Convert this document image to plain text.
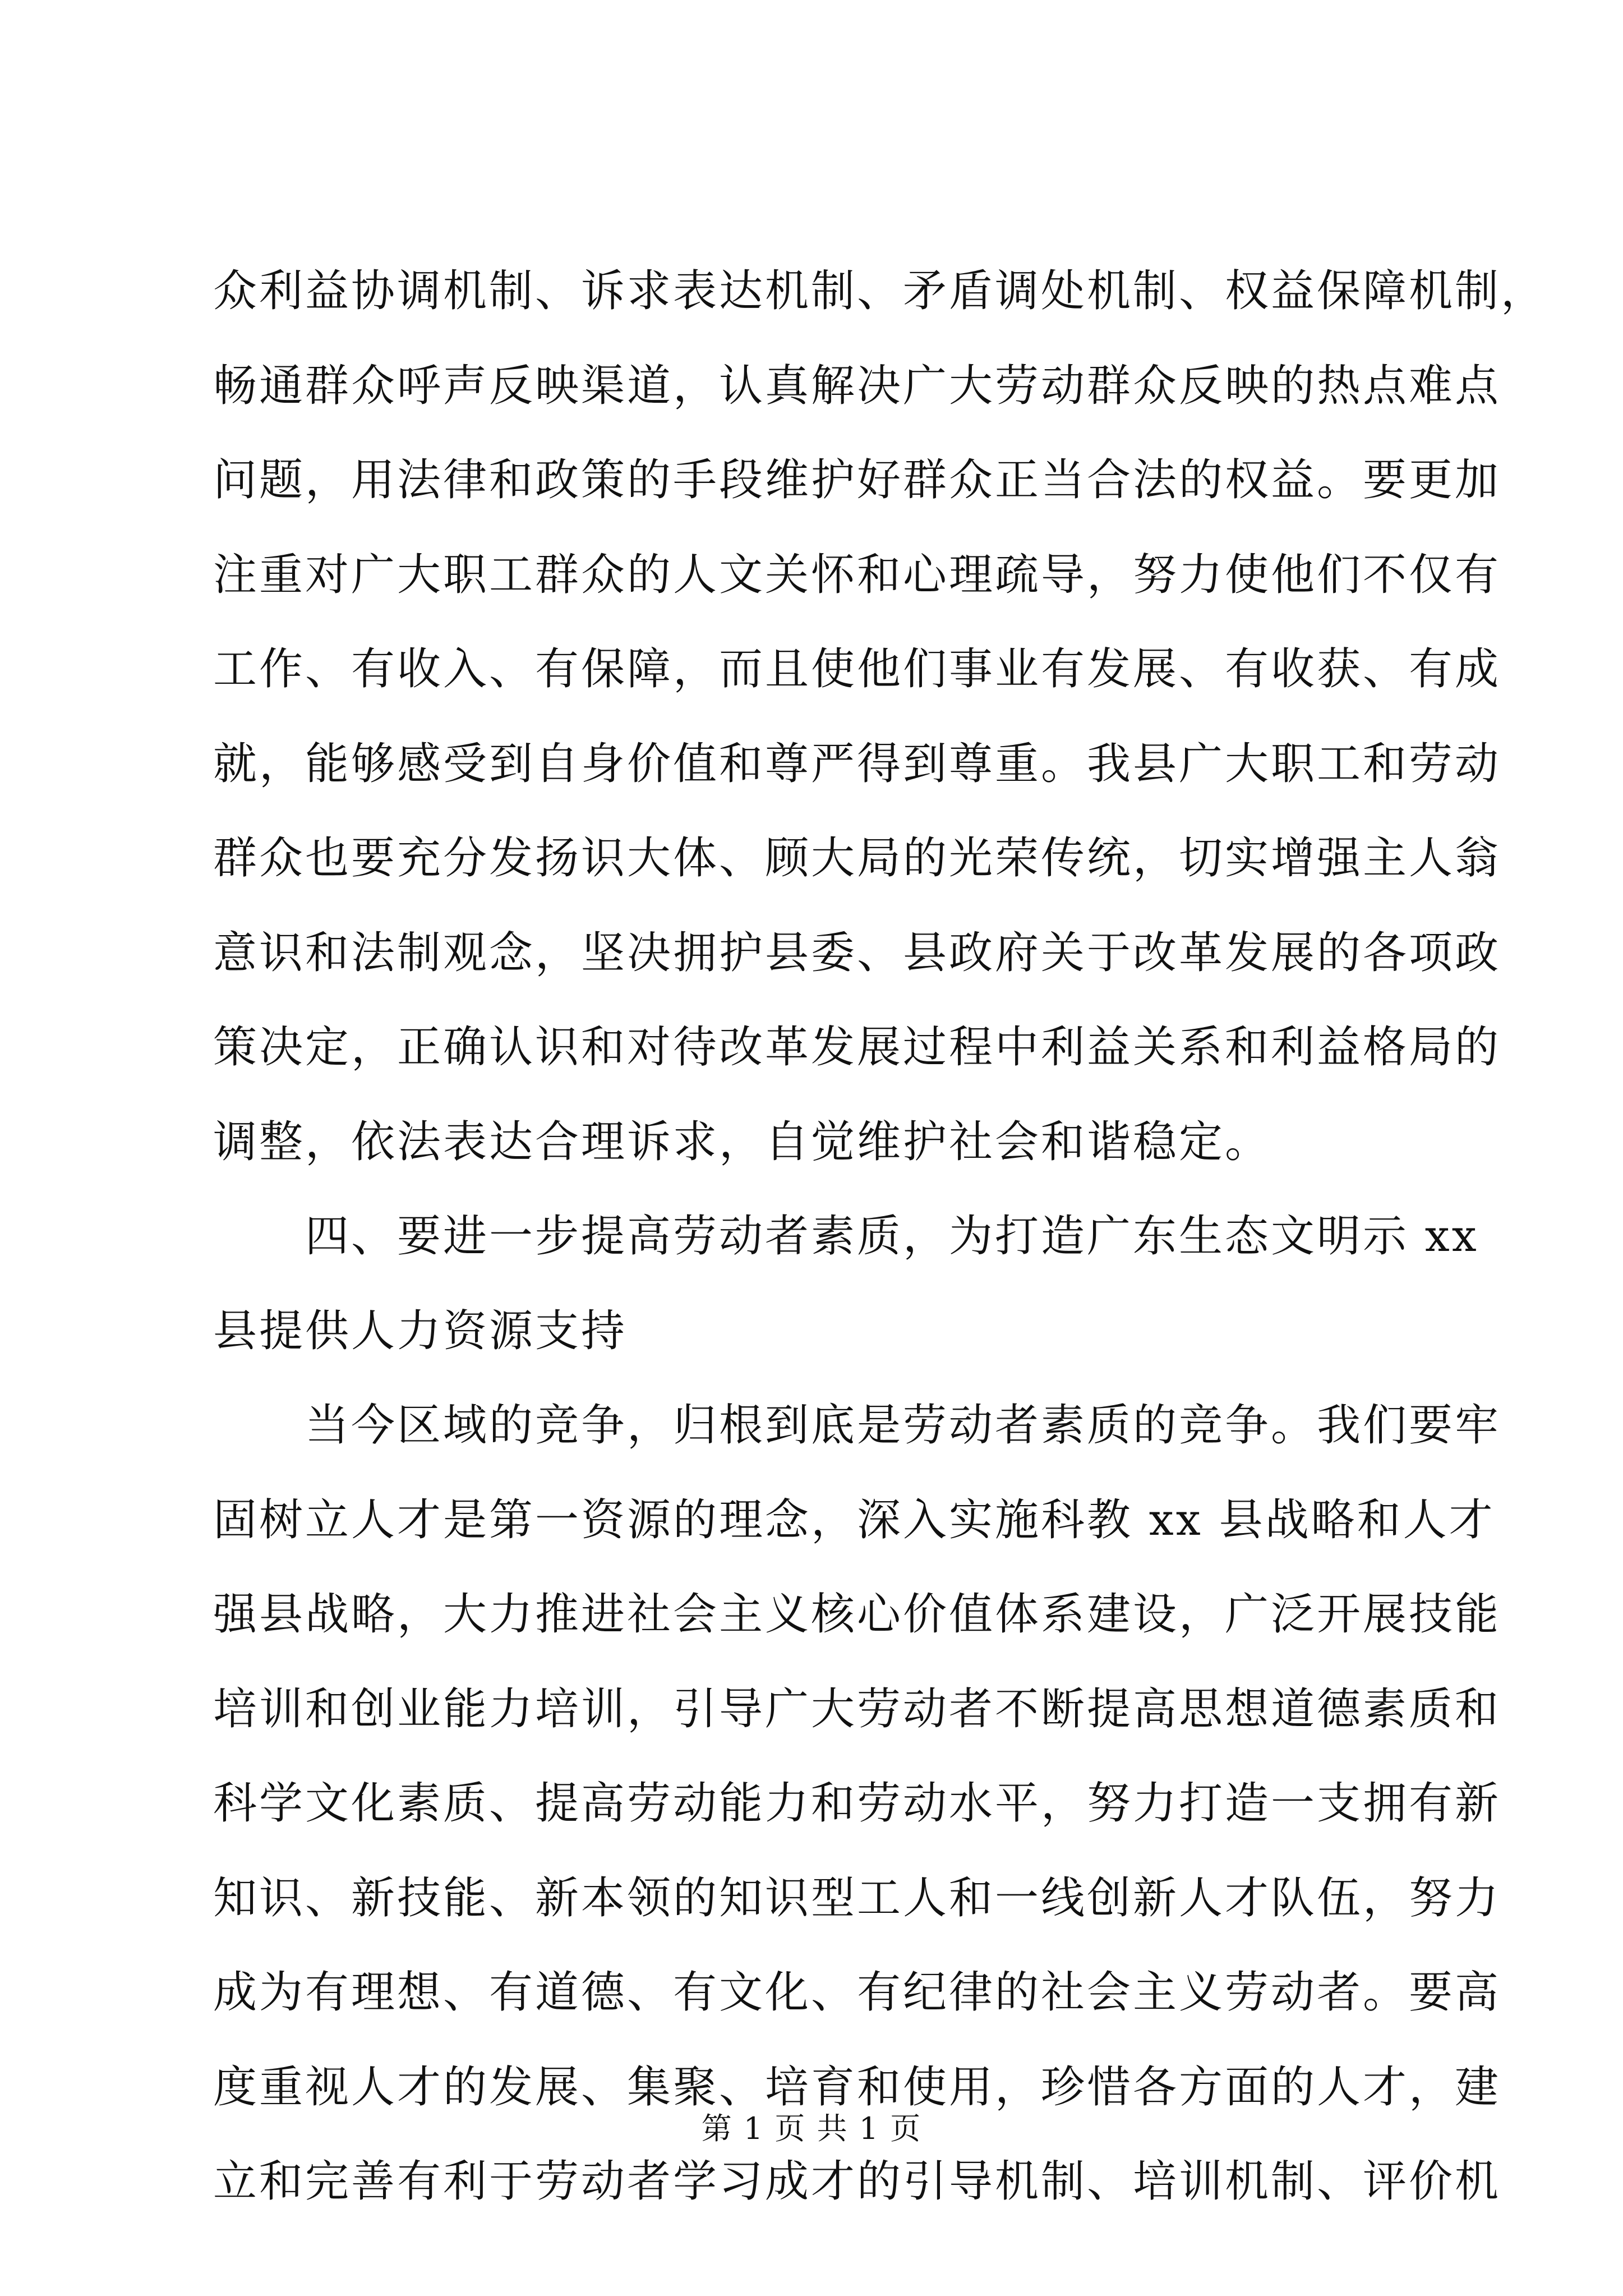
众利益协调机制、诉求表达机制、矛盾调处机制、权益保障机制，
畅通群众呼声反映渠道，认真解决广大劳动群众反映的热点难点
问题，用法律和政策的手段维护好群众正当合法的权益。要更加
注重对广大职工群众的人文关怀和心理疏导，努力使他们不仅有
工作、有收入、有保障，而且使他们事业有发展、有收获、有成
就，能够感受到自身价值和尊严得到尊重。我县广大职工和劳动
群众也要充分发扬识大体、顾大局的光荣传统，切实增强主人翁
意识和法制观念，坚决拥护县委、县政府关于改革发展的各项政
策决定，正确认识和对待改革发展过程中利益关系和利益格局的
调整，依法表达合理诉求，自觉维护社会和谐稳定。
　　四、要进一步提高劳动者素质，为打造广东生态文明示 xx
县提供人力资源支持
　　当今区域的竞争，归根到底是劳动者素质的竞争。我们要牢
固树立人才是第一资源的理念，深入实施科教 xx 县战略和人才
强县战略，大力推进社会主义核心价值体系建设，广泛开展技能
培训和创业能力培训，引导广大劳动者不断提高思想道德素质和
科学文化素质、提高劳动能力和劳动水平，努力打造一支拥有新
知识、新技能、新本领的知识型工人和一线创新人才队伍，努力
成为有理想、有道德、有文化、有纪律的社会主义劳动者。要高
度重视人才的发展、集聚、培育和使用，珍惜各方面的人才，建
立和完善有利于劳动者学习成才的引导机制、培训机制、评价机
第 1 页 共 1 页
